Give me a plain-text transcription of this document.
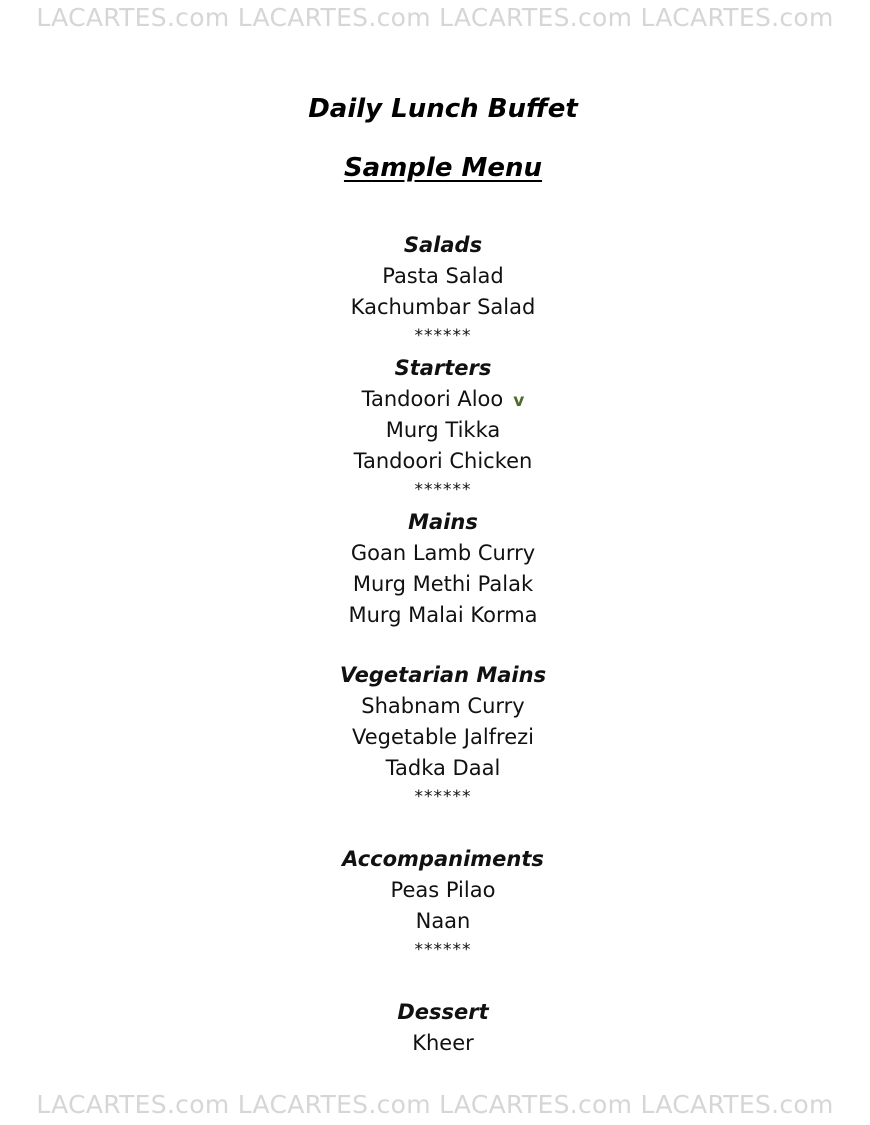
LACARTES.com LACARTES.com LACARTES.com LACARTES.com
Daily Lunch Buffet
Sample Menu
Salads
Pasta Salad
Kachumbar Salad
******
Starters
Tandoori Aloo v
Murg Tikka
Tandoori Chicken
******
Mains
Goan Lamb Curry
Murg Methi Palak
Murg Malai Korma
Vegetarian Mains
Shabnam Curry
Vegetable Jalfrezi
Tadka Daal
******
Accompaniments
Peas Pilao
Naan
******
Dessert
Kheer
LACARTES.com LACARTES.com LACARTES.com LACARTES.com
